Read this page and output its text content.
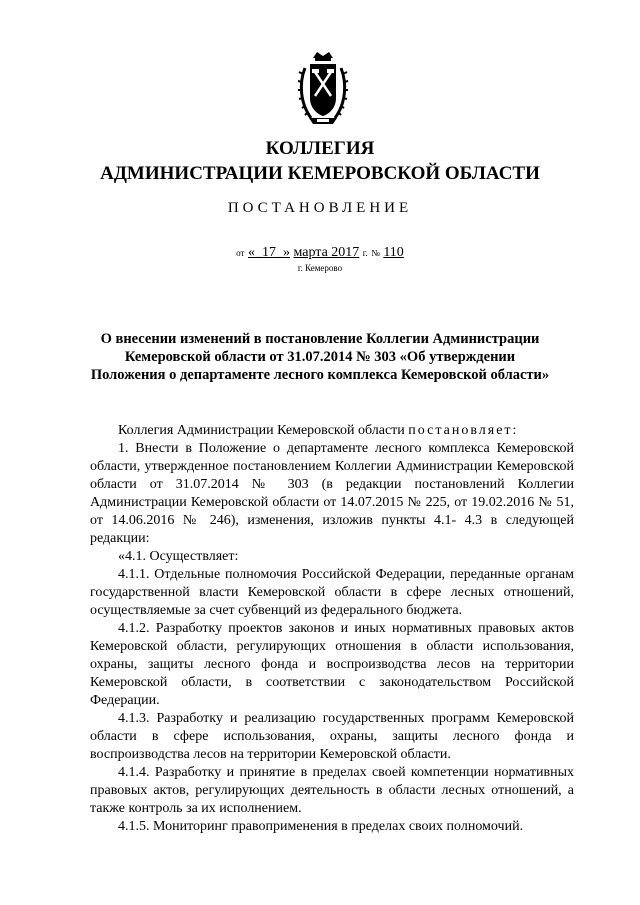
КОЛЛЕГИЯ
АДМИНИСТРАЦИИ КЕМЕРОВСКОЙ ОБЛАСТИ
ПОСТАНОВЛЕНИЕ
от «_17_» марта 2017 г. № 110
г. Кемерово
О внесении изменений в постановление Коллегии Администрации Кемеровской области от 31.07.2014 № 303 «Об утверждении Положения о департаменте лесного комплекса Кемеровской области»

Коллегия Администрации Кемеровской области постановляет:

1. Внести в Положение о департаменте лесного комплекса Кемеровской области, утвержденное постановлением Коллегии Администрации Кемеровской области от 31.07.2014 № 303 (в редакции постановлений Коллегии Администрации Кемеровской области от 14.07.2015 № 225, от 19.02.2016 № 51, от 14.06.2016 № 246), изменения, изложив пункты 4.1- 4.3 в следующей редакции:

«4.1. Осуществляет:

4.1.1. Отдельные полномочия Российской Федерации, переданные органам государственной власти Кемеровской области в сфере лесных отношений, осуществляемые за счет субвенций из федерального бюджета.

4.1.2. Разработку проектов законов и иных нормативных правовых актов Кемеровской области, регулирующих отношения в области использования, охраны, защиты лесного фонда и воспроизводства лесов на территории Кемеровской области, в соответствии с законодательством Российской Федерации.

4.1.3. Разработку и реализацию государственных программ Кемеровской области в сфере использования, охраны, защиты лесного фонда и воспроизводства лесов на территории Кемеровской области.

4.1.4. Разработку и принятие в пределах своей компетенции нормативных правовых актов, регулирующих деятельность в области лесных отношений, а также контроль за их исполнением.

4.1.5. Мониторинг правоприменения в пределах своих полномочий.
